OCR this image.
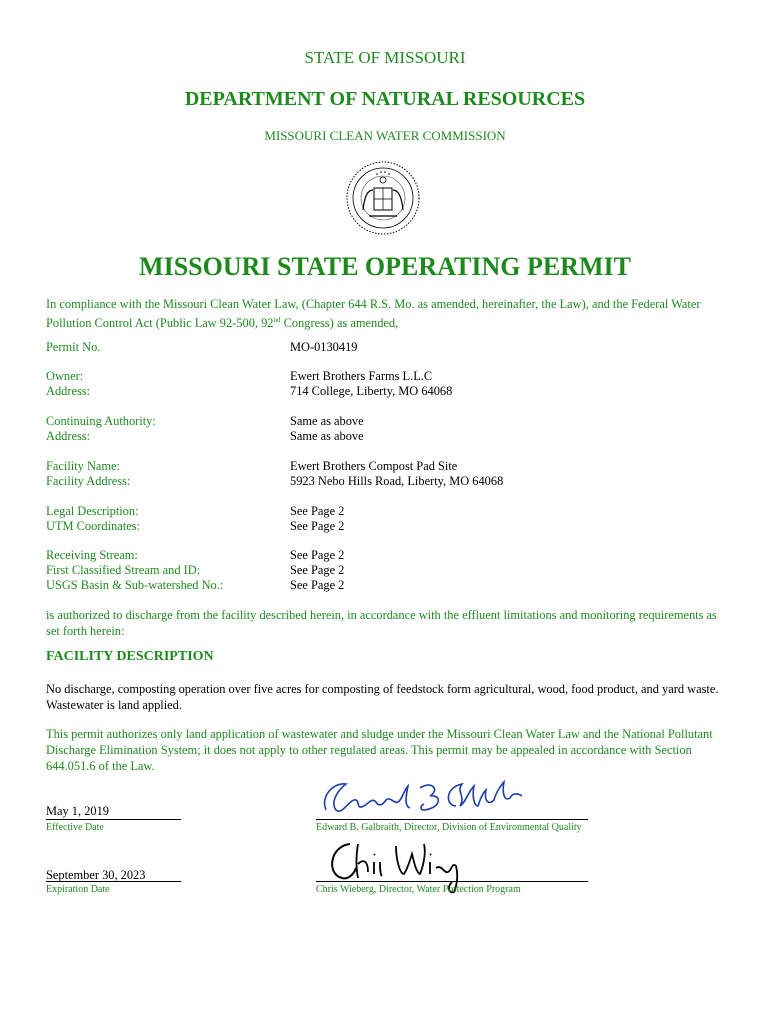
STATE OF MISSOURI
DEPARTMENT OF NATURAL RESOURCES
MISSOURI CLEAN WATER COMMISSION
MISSOURI STATE OPERATING PERMIT
In compliance with the Missouri Clean Water Law, (Chapter 644 R.S. Mo. as amended, hereinafter, the Law), and the Federal Water Pollution Control Act (Public Law 92-500, 92nd Congress) as amended,
Permit No.	MO-0130419
Owner:	Ewert Brothers Farms L.L.C
Address:	714 College, Liberty, MO 64068
Continuing Authority:	Same as above
Address:	Same as above
Facility Name:	Ewert Brothers Compost Pad Site
Facility Address:	5923 Nebo Hills Road, Liberty, MO 64068
Legal Description:	See Page 2
UTM Coordinates:	See Page 2
Receiving Stream:	See Page 2
First Classified Stream and ID:	See Page 2
USGS Basin & Sub-watershed No.:	See Page 2
is authorized to discharge from the facility described herein, in accordance with the effluent limitations and monitoring requirements as set forth herein:
FACILITY DESCRIPTION
No discharge, composting operation over five acres for composting of feedstock form agricultural, wood, food product, and yard waste. Wastewater is land applied.
This permit authorizes only land application of wastewater and sludge under the Missouri Clean Water Law and the National Pollutant Discharge Elimination System; it does not apply to other regulated areas. This permit may be appealed in accordance with Section 644.051.6 of the Law.
May 1, 2019
Effective Date	Edward B. Galbraith, Director, Division of Environmental Quality
September 30, 2023
Expiration Date	Chris Wieberg, Director, Water Protection Program
